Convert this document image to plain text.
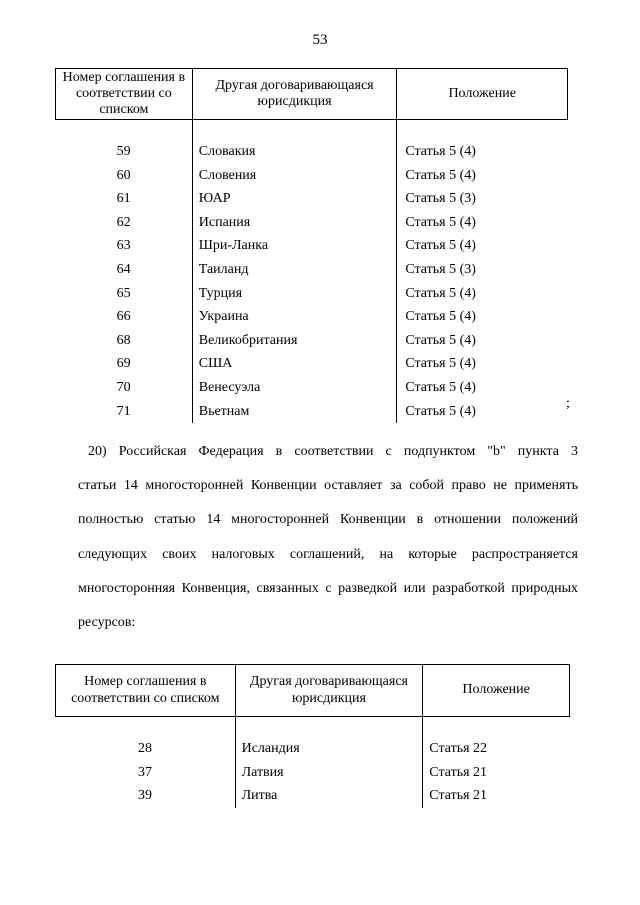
53
Номер соглашения в соответствии со списком	Другая договаривающаяся юрисдикция	Положение

59	Словакия	Статья 5 (4)
60	Словения	Статья 5 (4)
61	ЮАР	Статья 5 (3)
62	Испания	Статья 5 (4)
63	Шри-Ланка	Статья 5 (4)
64	Таиланд	Статья 5 (3)
65	Турция	Статья 5 (4)
66	Украина	Статья 5 (4)
68	Великобритания	Статья 5 (4)
69	США	Статья 5 (4)
70	Венесуэла	Статья 5 (4)
71	Вьетнам	Статья 5 (4)
;
20) Российская Федерация в соответствии с подпунктом "b" пункта 3
статьи 14 многосторонней Конвенции оставляет за собой право не применять
полностью статью 14 многосторонней Конвенции в отношении положений
следующих своих налоговых соглашений, на которые распространяется
многосторонняя Конвенция, связанных с разведкой или разработкой природных
ресурсов:
Номер соглашения в соответствии со списком	Другая договаривающаяся юрисдикция	Положение

28	Исландия	Статья 22
37	Латвия	Статья 21
39	Литва	Статья 21
